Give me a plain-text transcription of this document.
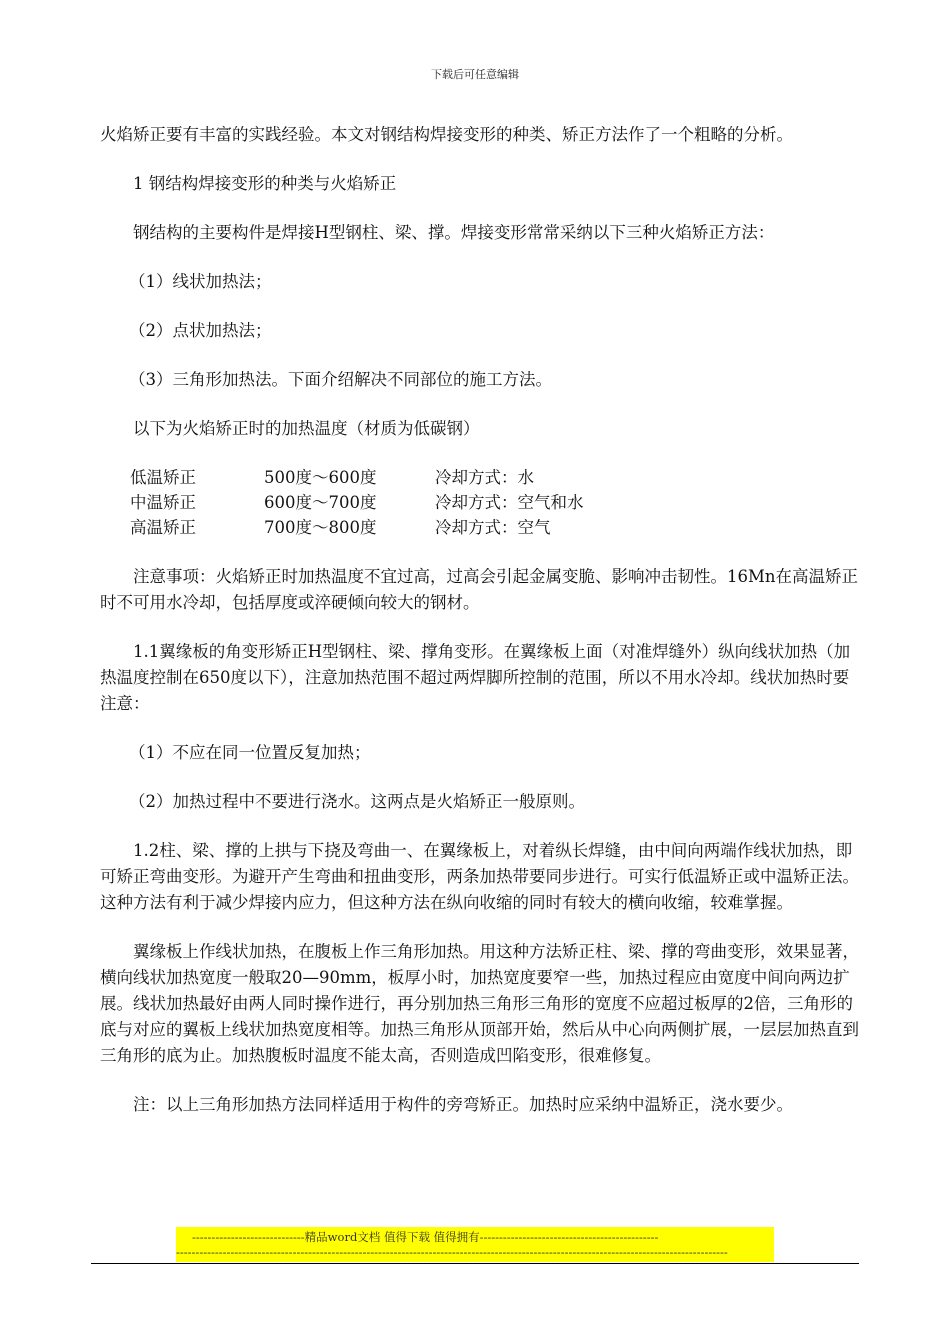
下载后可任意编辑

火焰矫正要有丰富的实践经验。本文对钢结构焊接变形的种类、矫正方法作了一个粗略的分析。

1 钢结构焊接变形的种类与火焰矫正

钢结构的主要构件是焊接H型钢柱、梁、撑。焊接变形常常采纳以下三种火焰矫正方法：

（1）线状加热法；

（2）点状加热法；

（3）三角形加热法。下面介绍解决不同部位的施工方法。

以下为火焰矫正时的加热温度（材质为低碳钢）

低温矫正	500度～600度	冷却方式：水
中温矫正	600度～700度	冷却方式：空气和水
高温矫正	700度～800度	冷却方式：空气

注意事项：火焰矫正时加热温度不宜过高，过高会引起金属变脆、影响冲击韧性。16Mn在高温矫正时不可用水冷却，包括厚度或淬硬倾向较大的钢材。

1.1翼缘板的角变形矫正H型钢柱、梁、撑角变形。在翼缘板上面（对准焊缝外）纵向线状加热（加热温度控制在650度以下），注意加热范围不超过两焊脚所控制的范围，所以不用水冷却。线状加热时要注意：

（1）不应在同一位置反复加热；

（2）加热过程中不要进行浇水。这两点是火焰矫正一般原则。

1.2柱、梁、撑的上拱与下挠及弯曲一、在翼缘板上，对着纵长焊缝，由中间向两端作线状加热，即可矫正弯曲变形。为避开产生弯曲和扭曲变形，两条加热带要同步进行。可实行低温矫正或中温矫正法。这种方法有利于减少焊接内应力，但这种方法在纵向收缩的同时有较大的横向收缩，较难掌握。

翼缘板上作线状加热，在腹板上作三角形加热。用这种方法矫正柱、梁、撑的弯曲变形，效果显著，横向线状加热宽度一般取20—90mm，板厚小时，加热宽度要窄一些，加热过程应由宽度中间向两边扩展。线状加热最好由两人同时操作进行，再分别加热三角形三角形的宽度不应超过板厚的2倍，三角形的底与对应的翼板上线状加热宽度相等。加热三角形从顶部开始，然后从中心向两侧扩展，一层层加热直到三角形的底为止。加热腹板时温度不能太高，否则造成凹陷变形，很难修复。

注：以上三角形加热方法同样适用于构件的旁弯矫正。加热时应采纳中温矫正，浇水要少。

-----------------------------精品word文档 值得下载 值得拥有----------------------------------------------
----------------------------------------------------------------------------------------------------------------------------------------------
